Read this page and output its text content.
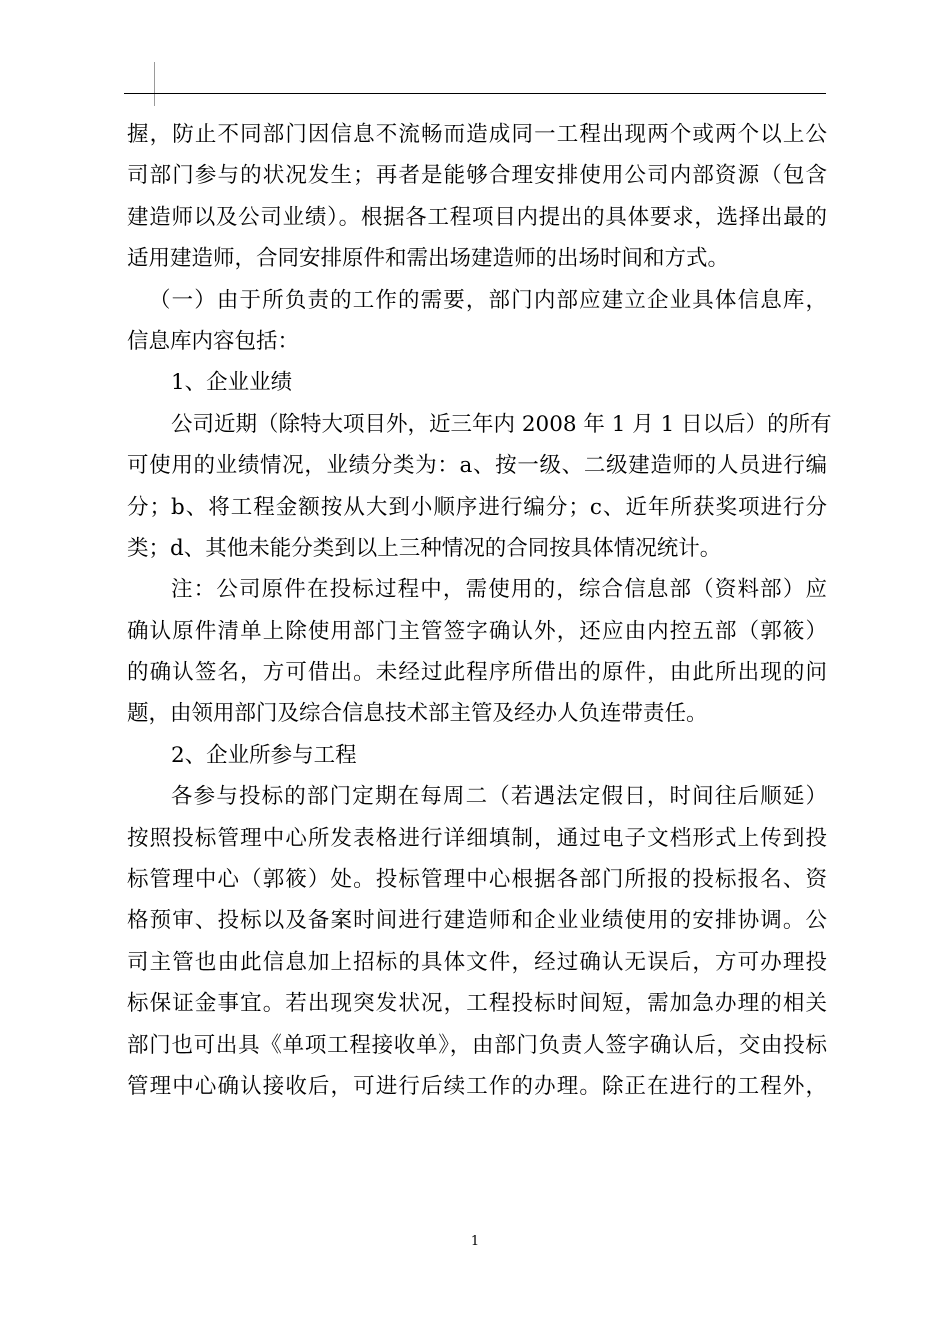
握，防止不同部门因信息不流畅而造成同一工程出现两个或两个以上公
司部门参与的状况发生；再者是能够合理安排使用公司内部资源（包含
建造师以及公司业绩）。根据各工程项目内提出的具体要求，选择出最的
适用建造师，合同安排原件和需出场建造师的出场时间和方式。
（一）由于所负责的工作的需要，部门内部应建立企业具体信息库，
信息库内容包括：
1、企业业绩
公司近期（除特大项目外，近三年内 2008 年 1 月 1 日以后）的所有
可使用的业绩情况，业绩分类为：a、按一级、二级建造师的人员进行编
分；b、将工程金额按从大到小顺序进行编分；c、近年所获奖项进行分
类；d、其他未能分类到以上三种情况的合同按具体情况统计。
注：公司原件在投标过程中，需使用的，综合信息部（资料部）应
确认原件清单上除使用部门主管签字确认外，还应由内控五部（郭筱）
的确认签名，方可借出。未经过此程序所借出的原件，由此所出现的问
题，由领用部门及综合信息技术部主管及经办人负连带责任。
2、企业所参与工程
各参与投标的部门定期在每周二（若遇法定假日，时间往后顺延）
按照投标管理中心所发表格进行详细填制，通过电子文档形式上传到投
标管理中心（郭筱）处。投标管理中心根据各部门所报的投标报名、资
格预审、投标以及备案时间进行建造师和企业业绩使用的安排协调。公
司主管也由此信息加上招标的具体文件，经过确认无误后，方可办理投
标保证金事宜。若出现突发状况，工程投标时间短，需加急办理的相关
部门也可出具《单项工程接收单》，由部门负责人签字确认后，交由投标
管理中心确认接收后，可进行后续工作的办理。除正在进行的工程外，
1
